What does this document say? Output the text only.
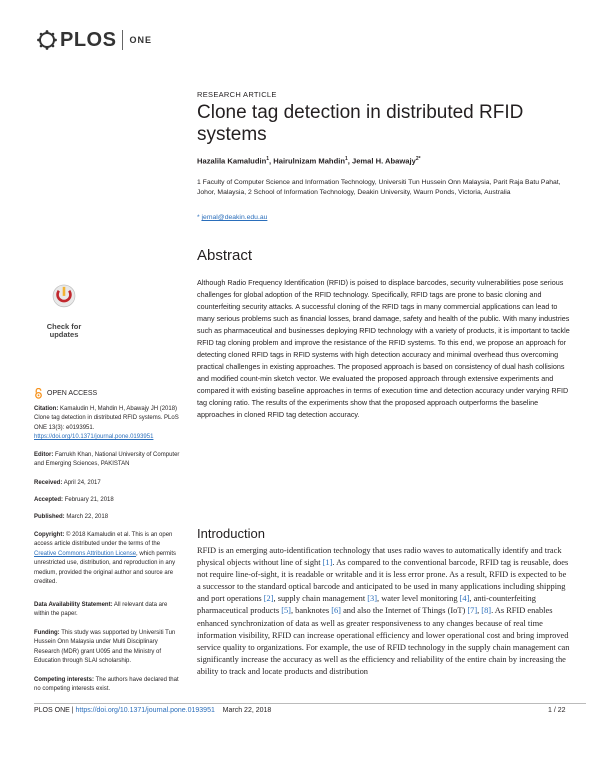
PLOS ONE
RESEARCH ARTICLE
Clone tag detection in distributed RFID systems
Hazalila Kamaludin$^1$, Hairulnizam Mahdin$^1$, Jemal H. Abawajy$^{2*}$
1 Faculty of Computer Science and Information Technology, Universiti Tun Hussein Onn Malaysia, Parit Raja Batu Pahat, Johor, Malaysia, 2 School of Information Technology, Deakin University, Waurn Ponds, Victoria, Australia
* jemal@deakin.edu.au
Abstract
Although Radio Frequency Identification (RFID) is poised to displace barcodes, security vulnerabilities pose serious challenges for global adoption of the RFID technology. Specifically, RFID tags are prone to basic cloning and counterfeiting security attacks. A successful cloning of the RFID tags in many commercial applications can lead to many serious problems such as financial losses, brand damage, safety and health of the public. With many industries such as pharmaceutical and businesses deploying RFID technology with a variety of products, it is important to tackle RFID tag cloning problem and improve the resistance of the RFID systems. To this end, we propose an approach for detecting cloned RFID tags in RFID systems with high detection accuracy and minimal overhead thus overcoming practical challenges in existing approaches. The proposed approach is based on consistency of dual hash collisions and modified count-min sketch vector. We evaluated the proposed approach through extensive experiments and compared it with existing baseline approaches in terms of execution time and detection accuracy under varying RFID tag cloning ratio. The results of the experiments show that the proposed approach outperforms the baseline approaches in cloned RFID tag detection accuracy.
Introduction
RFID is an emerging auto-identification technology that uses radio waves to automatically identify and track physical objects without line of sight [1]. As compared to the conventional barcode, RFID tag is reusable, does not require line-of-sight, it is readable or writable and it is less error prone. As a result, RFID is expected to be a successor to the standard optical barcode and anticipated to be used in many applications including shipping and port operations [2], supply chain management [3], water level monitoring [4], anti-counterfeiting pharmaceutical products [5], banknotes [6] and also the Internet of Things (IoT) [7], [8]. As RFID enables enhanced synchronization of data as well as greater responsiveness to any changes because of real time information visibility, RFID can increase operational efficiency and lower operational cost and bring improved service quality to organizations. For example, the use of RFID technology in the supply chain management can significantly increase the accuracy as well as the efficiency and reliability of the entire chain by increasing the ability to track and locate products and distribution
Check for updates
OPEN ACCESS
Citation: Kamaludin H, Mahdin H, Abawajy JH (2018) Clone tag detection in distributed RFID systems. PLoS ONE 13(3): e0193951. https://doi.org/10.1371/journal.pone.0193951
Editor: Farrukh Khan, National University of Computer and Emerging Sciences, PAKISTAN
Received: April 24, 2017
Accepted: February 21, 2018
Published: March 22, 2018
Copyright: © 2018 Kamaludin et al. This is an open access article distributed under the terms of the Creative Commons Attribution License, which permits unrestricted use, distribution, and reproduction in any medium, provided the original author and source are credited.
Data Availability Statement: All relevant data are within the paper.
Funding: This study was supported by Universiti Tun Hussein Onn Malaysia under Multi Disciplinary Research (MDR) grant U095 and the Ministry of Education through SLAI scholarship.
Competing interests: The authors have declared that no competing interests exist.
PLOS ONE | https://doi.org/10.1371/journal.pone.0193951 March 22, 2018	1 / 22
